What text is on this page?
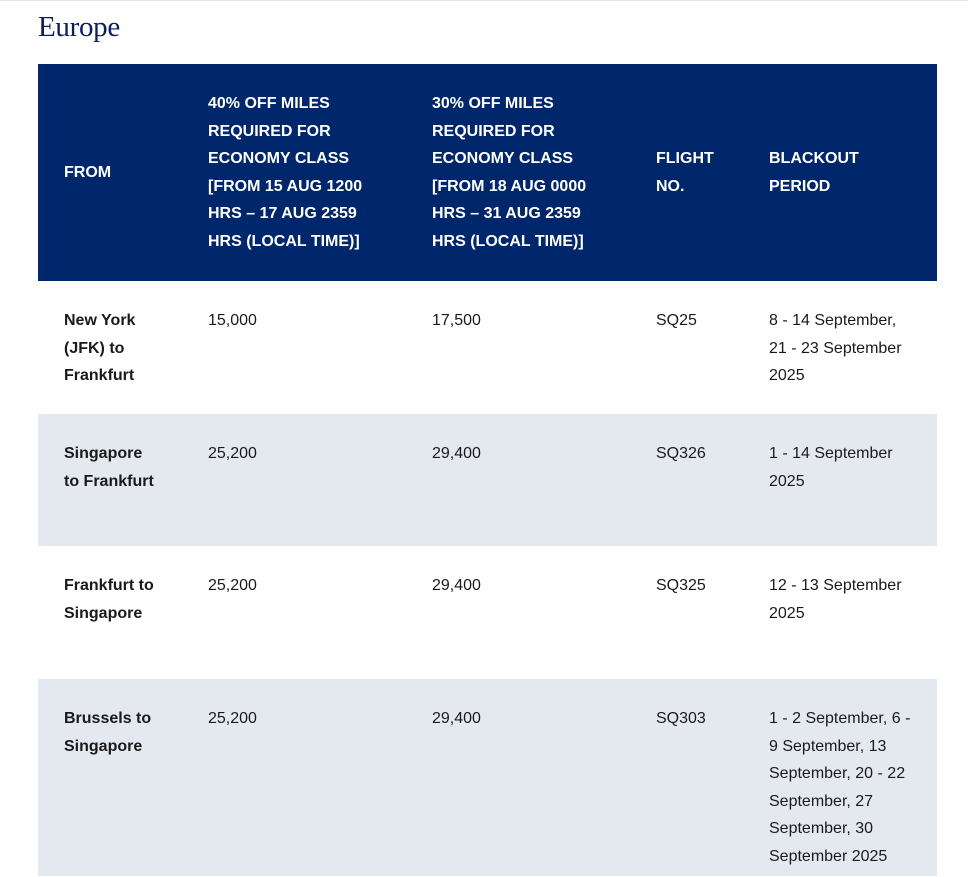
Europe
FROM	40% OFF MILES REQUIRED FOR ECONOMY CLASS [FROM 15 AUG 1200 HRS – 17 AUG 2359 HRS (LOCAL TIME)]	30% OFF MILES REQUIRED FOR ECONOMY CLASS [FROM 18 AUG 0000 HRS – 31 AUG 2359 HRS (LOCAL TIME)]	FLIGHT NO.	BLACKOUT PERIOD
New York (JFK) to Frankfurt	15,000	17,500	SQ25	8 - 14 September, 21 - 23 September 2025
Singapore to Frankfurt	25,200	29,400	SQ326	1 - 14 September 2025
Frankfurt to Singapore	25,200	29,400	SQ325	12 - 13 September 2025
Brussels to Singapore	25,200	29,400	SQ303	1 - 2 September, 6 - 9 September, 13 September, 20 - 22 September, 27 September, 30 September 2025
